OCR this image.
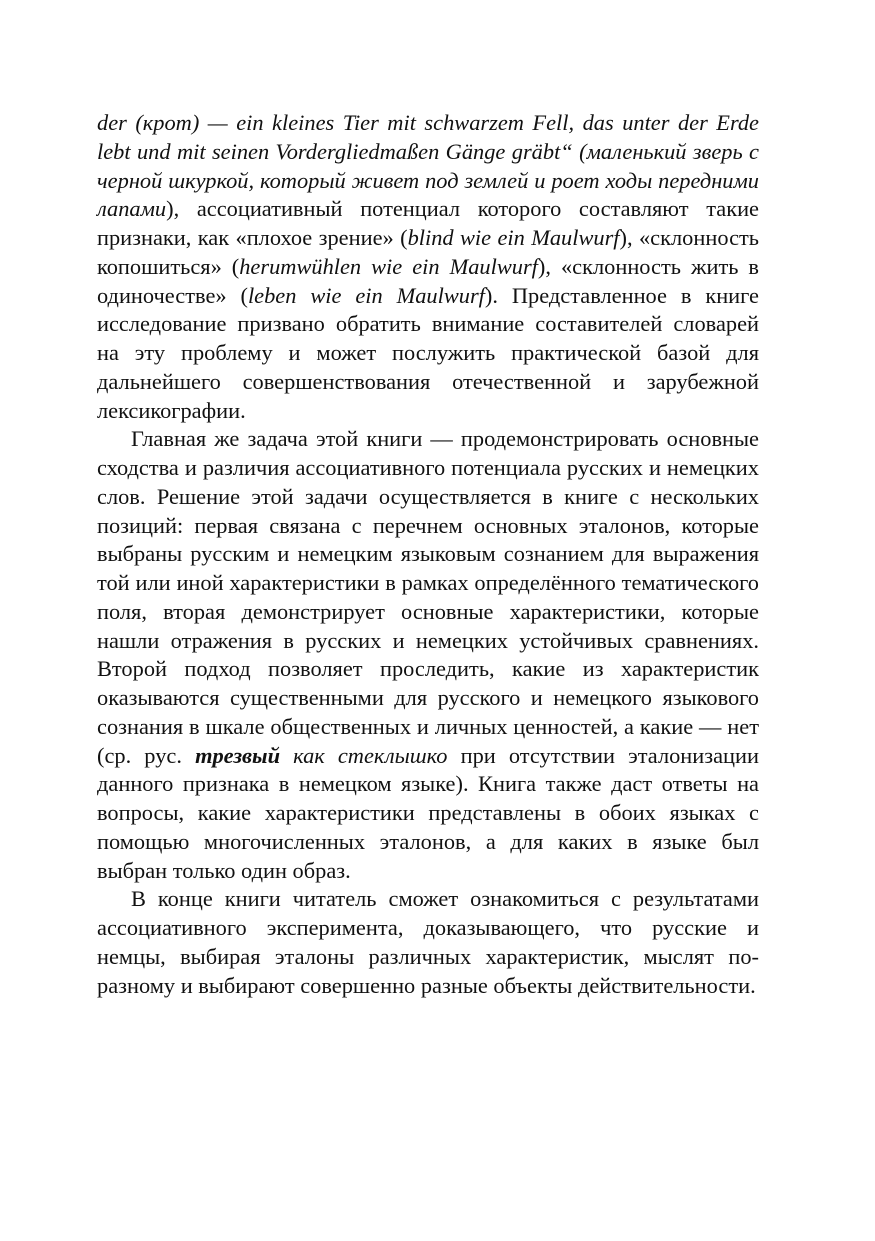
der (крот) — ein kleines Tier mit schwarzem Fell, das unter der Erde lebt und mit seinen Vordergliedmaßen Gänge gräbt“ (маленький зверь с черной шкуркой, который живет под землей и роет ходы передними лапами), ассоциативный потенциал которого составляют такие признаки, как «плохое зрение» (blind wie ein Maulwurf), «склонность копошиться» (herumwühlen wie ein Maulwurf), «склонность жить в одиночестве» (leben wie ein Maulwurf). Представленное в книге исследование призвано обратить внимание составителей словарей на эту проблему и может послужить практической базой для дальнейшего совершенствования отечественной и зарубежной лексикографии.

Главная же задача этой книги — продемонстрировать основные сходства и различия ассоциативного потенциала русских и немецких слов. Решение этой задачи осуществляется в книге с нескольких позиций: первая связана с перечнем основных эталонов, которые выбраны русским и немецким языковым сознанием для выражения той или иной характеристики в рамках определённого тематического поля, вторая демонстрирует основные характеристики, которые нашли отражения в русских и немецких устойчивых сравнениях. Второй подход позволяет проследить, какие из характеристик оказываются существенными для русского и немецкого языкового сознания в шкале общественных и личных ценностей, а какие — нет (ср. рус. трезвый как стеклышко при отсутствии эталонизации данного признака в немецком языке). Книга также даст ответы на вопросы, какие характеристики представлены в обоих языках с помощью многочисленных эталонов, а для каких в языке был выбран только один образ.

В конце книги читатель сможет ознакомиться с результатами ассоциативного эксперимента, доказывающего, что русские и немцы, выбирая эталоны различных характеристик, мыслят по-разному и выбирают совершенно разные объекты действительности.
